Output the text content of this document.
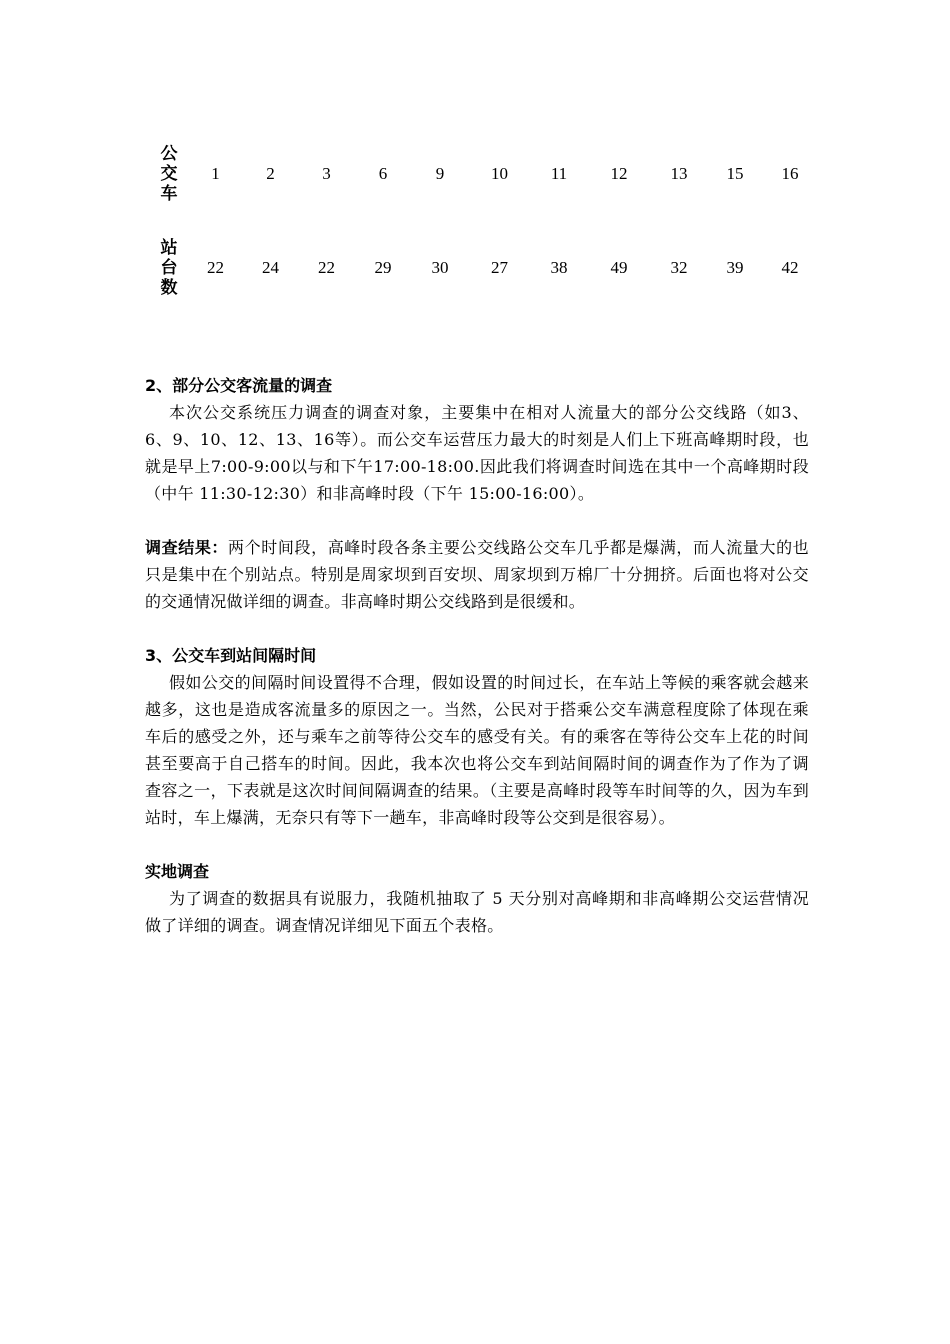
公
交
车	1	2	3	6	9	10	11	12	13	15	16

站
台
数	22	24	22	29	30	27	38	49	32	39	42

2、部分公交客流量的调查

本次公交系统压力调查的调查对象，主要集中在相对人流量大的部分公交线路（如3、6、9、10、12、13、16等）。而公交车运营压力最大的时刻是人们上下班高峰期时段，也就是早上7:00-9:00以与和下午17:00-18:00.因此我们将调查时间选在其中一个高峰期时段（中午 11:30-12:30）和非高峰时段（下午 15:00-16:00）。

调查结果：两个时间段，高峰时段各条主要公交线路公交车几乎都是爆满，而人流量大的也只是集中在个别站点。特别是周家坝到百安坝、周家坝到万棉厂十分拥挤。后面也将对公交的交通情况做详细的调查。非高峰时期公交线路到是很缓和。

3、公交车到站间隔时间

假如公交的间隔时间设置得不合理，假如设置的时间过长，在车站上等候的乘客就会越来越多，这也是造成客流量多的原因之一。当然，公民对于搭乘公交车满意程度除了体现在乘车后的感受之外，还与乘车之前等待公交车的感受有关。有的乘客在等待公交车上花的时间甚至要高于自己搭车的时间。因此，我本次也将公交车到站间隔时间的调查作为了作为了调查容之一，下表就是这次时间间隔调查的结果。（主要是高峰时段等车时间等的久，因为车到站时，车上爆满，无奈只有等下一趟车，非高峰时段等公交到是很容易）。

实地调查

为了调查的数据具有说服力，我随机抽取了 5 天分别对高峰期和非高峰期公交运营情况做了详细的调查。调查情况详细见下面五个表格。
